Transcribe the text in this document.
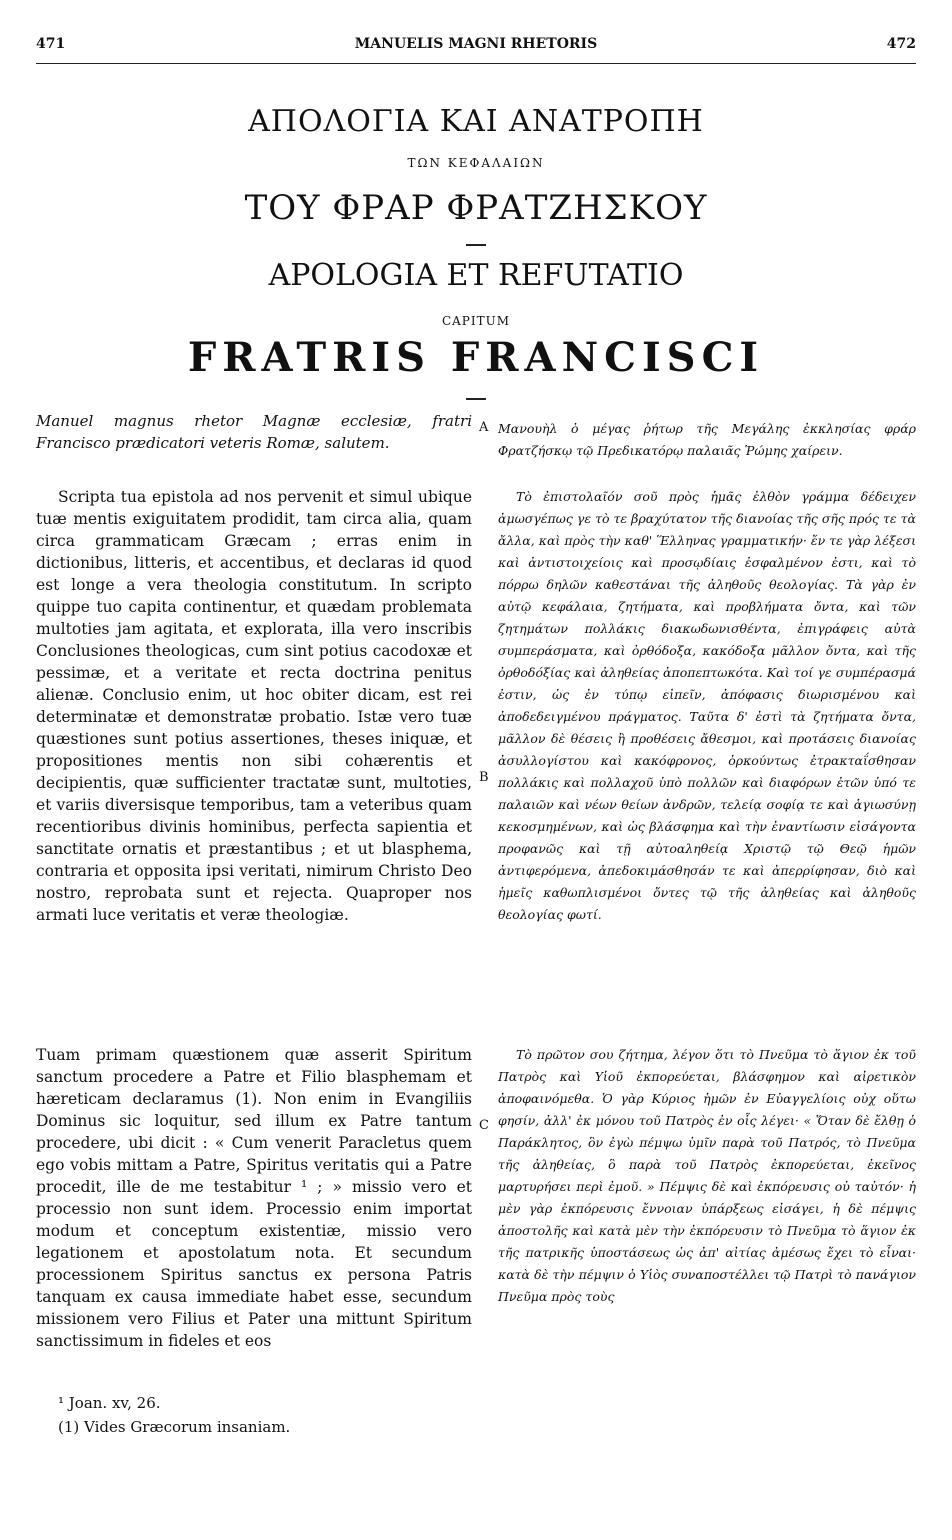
471	MANUELIS MAGNI RHETORIS	472
ΑΠΟΛΟΓΙΑ ΚΑΙ ΑΝΑΤΡΟΠΗ
ΤΩΝ ΚΕΦΑΛΑΙΩΝ
ΤΟΥ ΦΡΑΡ ΦΡΑΤΖΗΣΚΟΥ
APOLOGIA ET REFUTATIO
CAPITUM
FRATRIS FRANCISCI
A
B
C
Manuel magnus rhetor Magnæ ecclesiæ, fratri Francisco prædicatori veteris Romæ, salutem.
Scripta tua epistola ad nos pervenit et simul ubique tuæ mentis exiguitatem prodidit, tam circa alia, quam circa grammaticam Græcam ; erras enim in dictionibus, litteris, et accentibus, et declaras id quod est longe a vera theologia constitutum. In scripto quippe tuo capita continentur, et quædam problemata multoties jam agitata, et explorata, illa vero inscribis Conclusiones theologicas, cum sint potius cacodoxæ et pessimæ, et a veritate et recta doctrina penitus alienæ. Conclusio enim, ut hoc obiter dicam, est rei determinatæ et demonstratæ probatio. Istæ vero tuæ quæstiones sunt potius assertiones, theses iniquæ, et propositiones mentis non sibi cohærentis et decipientis, quæ sufficienter tractatæ sunt, multoties, et variis diversisque temporibus, tam a veteribus quam recentioribus divinis hominibus, perfecta sapientia et sanctitate ornatis et præstantibus ; et ut blasphema, contraria et opposita ipsi veritati, nimirum Christo Deo nostro, reprobata sunt et rejecta. Quaproper nos armati luce veritatis et veræ theologiæ.
Tuam primam quæstionem quæ asserit Spiritum sanctum procedere a Patre et Filio blasphemam et hæreticam declaramus (1). Non enim in Evangiliis Dominus sic loquitur, sed illum ex Patre tantum procedere, ubi dicit : « Cum venerit Paracletus quem ego vobis mittam a Patre, Spiritus veritatis qui a Patre procedit, ille de me testabitur ¹ ; » missio vero et processio non sunt idem. Processio enim importat modum et conceptum existentiæ, missio vero legationem et apostolatum nota. Et secundum processionem Spiritus sanctus ex persona Patris tanquam ex causa immediate habet esse, secundum missionem vero Filius et Pater una mittunt Spiritum sanctissimum in fideles et eos
Μανουὴλ ὁ μέγας ῥήτωρ τῆς Μεγάλης ἐκκλησίας φράρ Φρατζήσκῳ τῷ Πρεδικατόρῳ παλαιᾶς Ῥώμης χαίρειν.
Τὸ ἐπιστολαῖόν σοῦ πρὸς ἡμᾶς ἐλθὸν γράμμα δέδειχεν ἀμωσγέπως γε τὸ τε βραχύτατον τῆς διανοίας τῆς σῆς πρός τε τὰ ἄλλα, καὶ πρὸς τὴν καθ' Ἕλληνας γραμματικήν· ἔν τε γὰρ λέξεσι καὶ ἀντιστοιχείοις καὶ προσῳδίαις ἐσφαλμένον ἐστι, καὶ τὸ πόρρω δηλῶν καθεστάναι τῆς ἀληθοῦς θεολογίας. Τὰ γὰρ ἐν αὐτῷ κεφάλαια, ζητήματα, καὶ προβλήματα ὄντα, καὶ τῶν ζητημάτων πολλάκις διακωδωνισθέντα, ἐπιγράφεις αὐτὰ συμπεράσματα, καὶ ὀρθόδοξα, κακόδοξα μᾶλλον ὄντα, καὶ τῆς ὀρθοδόξίας καὶ ἀληθείας ἀποπεπτωκότα. Καὶ τοί γε συμπέρασμά ἐστιν, ὡς ἐν τύπῳ εἰπεῖν, ἀπόφασις διωρισμένου καὶ ἀποδεδειγμένου πράγματος. Ταῦτα δ' ἐστὶ τὰ ζητήματα ὄντα, μᾶλλον δὲ θέσεις ἢ προθέσεις ἄθεσμοι, καὶ προτάσεις διανοίας ἀσυλλογίστου καὶ κακόφρονος, ὁρκούντως ἐτρακταΐσθησαν πολλάκις καὶ πολλαχοῦ ὑπὸ πολλῶν καὶ διαφόρων ἐτῶν ὑπό τε παλαιῶν καὶ νέων θείων ἀνδρῶν, τελείᾳ σοφίᾳ τε καὶ ἁγιωσύνῃ κεκοσμημένων, καὶ ὡς βλάσφημα καὶ τὴν ἐναντίωσιν εἰσάγοντα προφανῶς καὶ τῇ αὐτοαληθείᾳ Χριστῷ τῷ Θεῷ ἡμῶν ἀντιφερόμενα, ἀπεδοκιμάσθησάν τε καὶ ἀπερρίφησαν, διὸ καὶ ἡμεῖς καθωπλισμένοι ὄντες τῷ τῆς ἀληθείας καὶ ἀληθοῦς θεολογίας φωτί.
Τὸ πρῶτον σου ζήτημα, λέγον ὅτι τὸ Πνεῦμα τὸ ἅγιον ἐκ τοῦ Πατρὸς καὶ Υἱοῦ ἐκπορεύεται, βλάσφημον καὶ αἱρετικὸν ἀποφαινόμεθα. Ὁ γὰρ Κύριος ἡμῶν ἐν Εὐαγγελίοις οὐχ οὕτω φησίν, ἀλλ' ἐκ μόνου τοῦ Πατρὸς ἐν οἷς λέγει· « Ὅταν δὲ ἔλθῃ ὁ Παράκλητος, ὃν ἐγὼ πέμψω ὑμῖν παρὰ τοῦ Πατρός, τὸ Πνεῦμα τῆς ἀληθείας, ὃ παρὰ τοῦ Πατρὸς ἐκπορεύεται, ἐκεῖνος μαρτυρήσει περὶ ἐμοῦ. » Πέμψις δὲ καὶ ἐκπόρευσις οὐ ταὐτόν· ἡ μὲν γὰρ ἐκπόρευσις ἔννοιαν ὑπάρξεως εἰσάγει, ἡ δὲ πέμψις ἀποστολῆς καὶ κατὰ μὲν τὴν ἐκπόρευσιν τὸ Πνεῦμα τὸ ἅγιον ἐκ τῆς πατρικῆς ὑποστάσεως ὡς ἀπ' αἰτίας ἀμέσως ἔχει τὸ εἶναι· κατὰ δὲ τὴν πέμψιν ὁ Υἱὸς συναποστέλλει τῷ Πατρὶ τὸ πανάγιον Πνεῦμα πρὸς τοὺς
¹ Joan. xv, 26.
(1) Vides Græcorum insaniam.
